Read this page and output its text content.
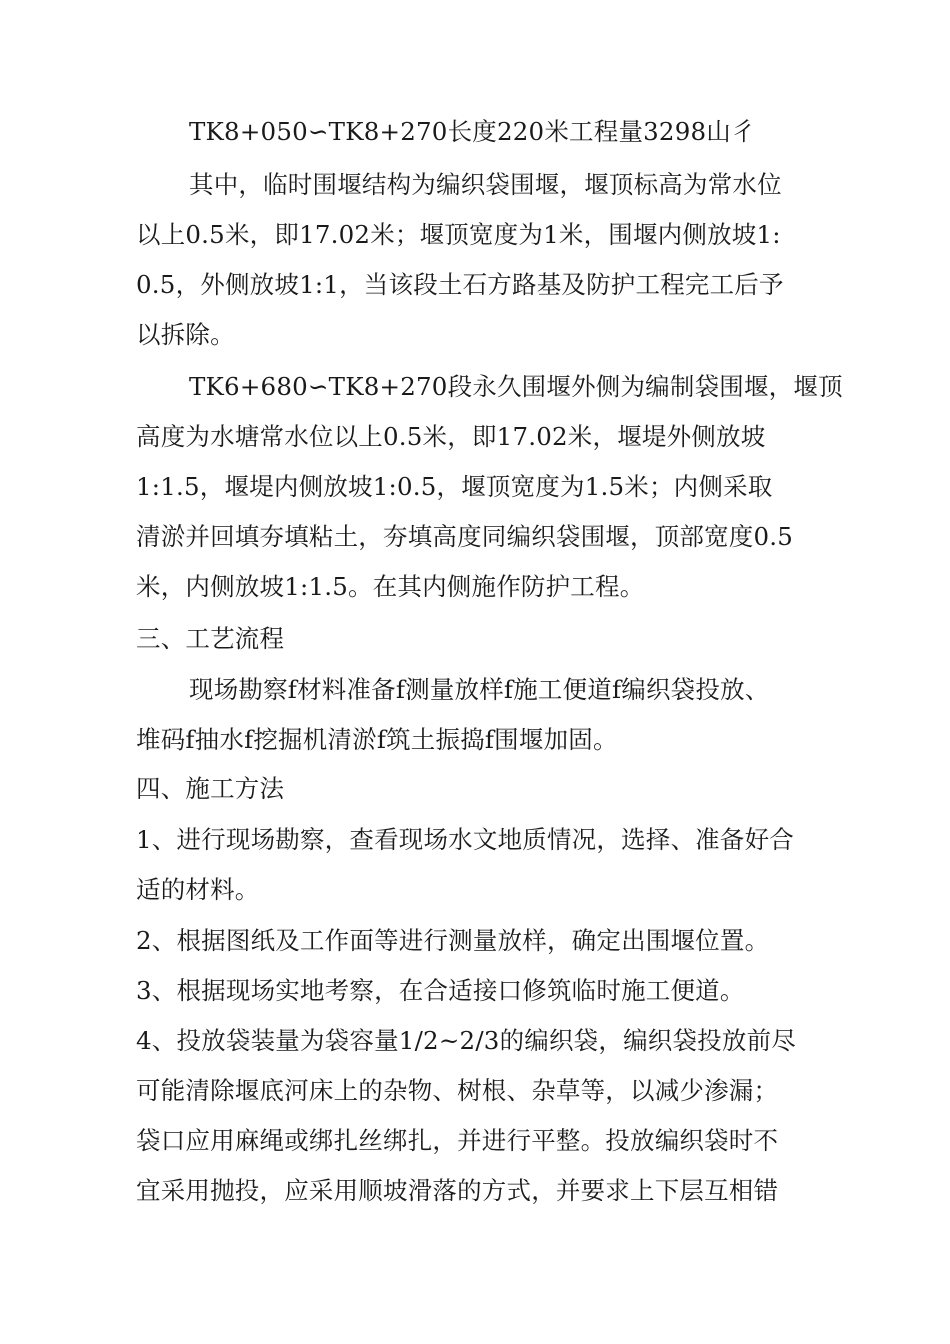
TK8+050∽TK8+270长度220米工程量3298山彳
其中，临时围堰结构为编织袋围堰，堰顶标高为常水位
以上0.5米，即17.02米；堰顶宽度为1米，围堰内侧放坡1:
0.5，外侧放坡1:1，当该段土石方路基及防护工程完工后予
以拆除。
TK6+680∽TK8+270段永久围堰外侧为编制袋围堰，堰顶
高度为水塘常水位以上0.5米，即17.02米，堰堤外侧放坡
1:1.5，堰堤内侧放坡1:0.5，堰顶宽度为1.5米；内侧采取
清淤并回填夯填粘土，夯填高度同编织袋围堰，顶部宽度0.5
米，内侧放坡1:1.5。在其内侧施作防护工程。
三、工艺流程
现场勘察f材料准备f测量放样f施工便道f编织袋投放、
堆码f抽水f挖掘机清淤f筑土振捣f围堰加固。
四、施工方法
1、进行现场勘察，查看现场水文地质情况，选择、准备好合
适的材料。
2、根据图纸及工作面等进行测量放样，确定出围堰位置。
3、根据现场实地考察，在合适接口修筑临时施工便道。
4、投放袋装量为袋容量1/2~2/3的编织袋，编织袋投放前尽
可能清除堰底河床上的杂物、树根、杂草等，以减少渗漏；
袋口应用麻绳或绑扎丝绑扎，并进行平整。投放编织袋时不
宜采用抛投，应采用顺坡滑落的方式，并要求上下层互相错
